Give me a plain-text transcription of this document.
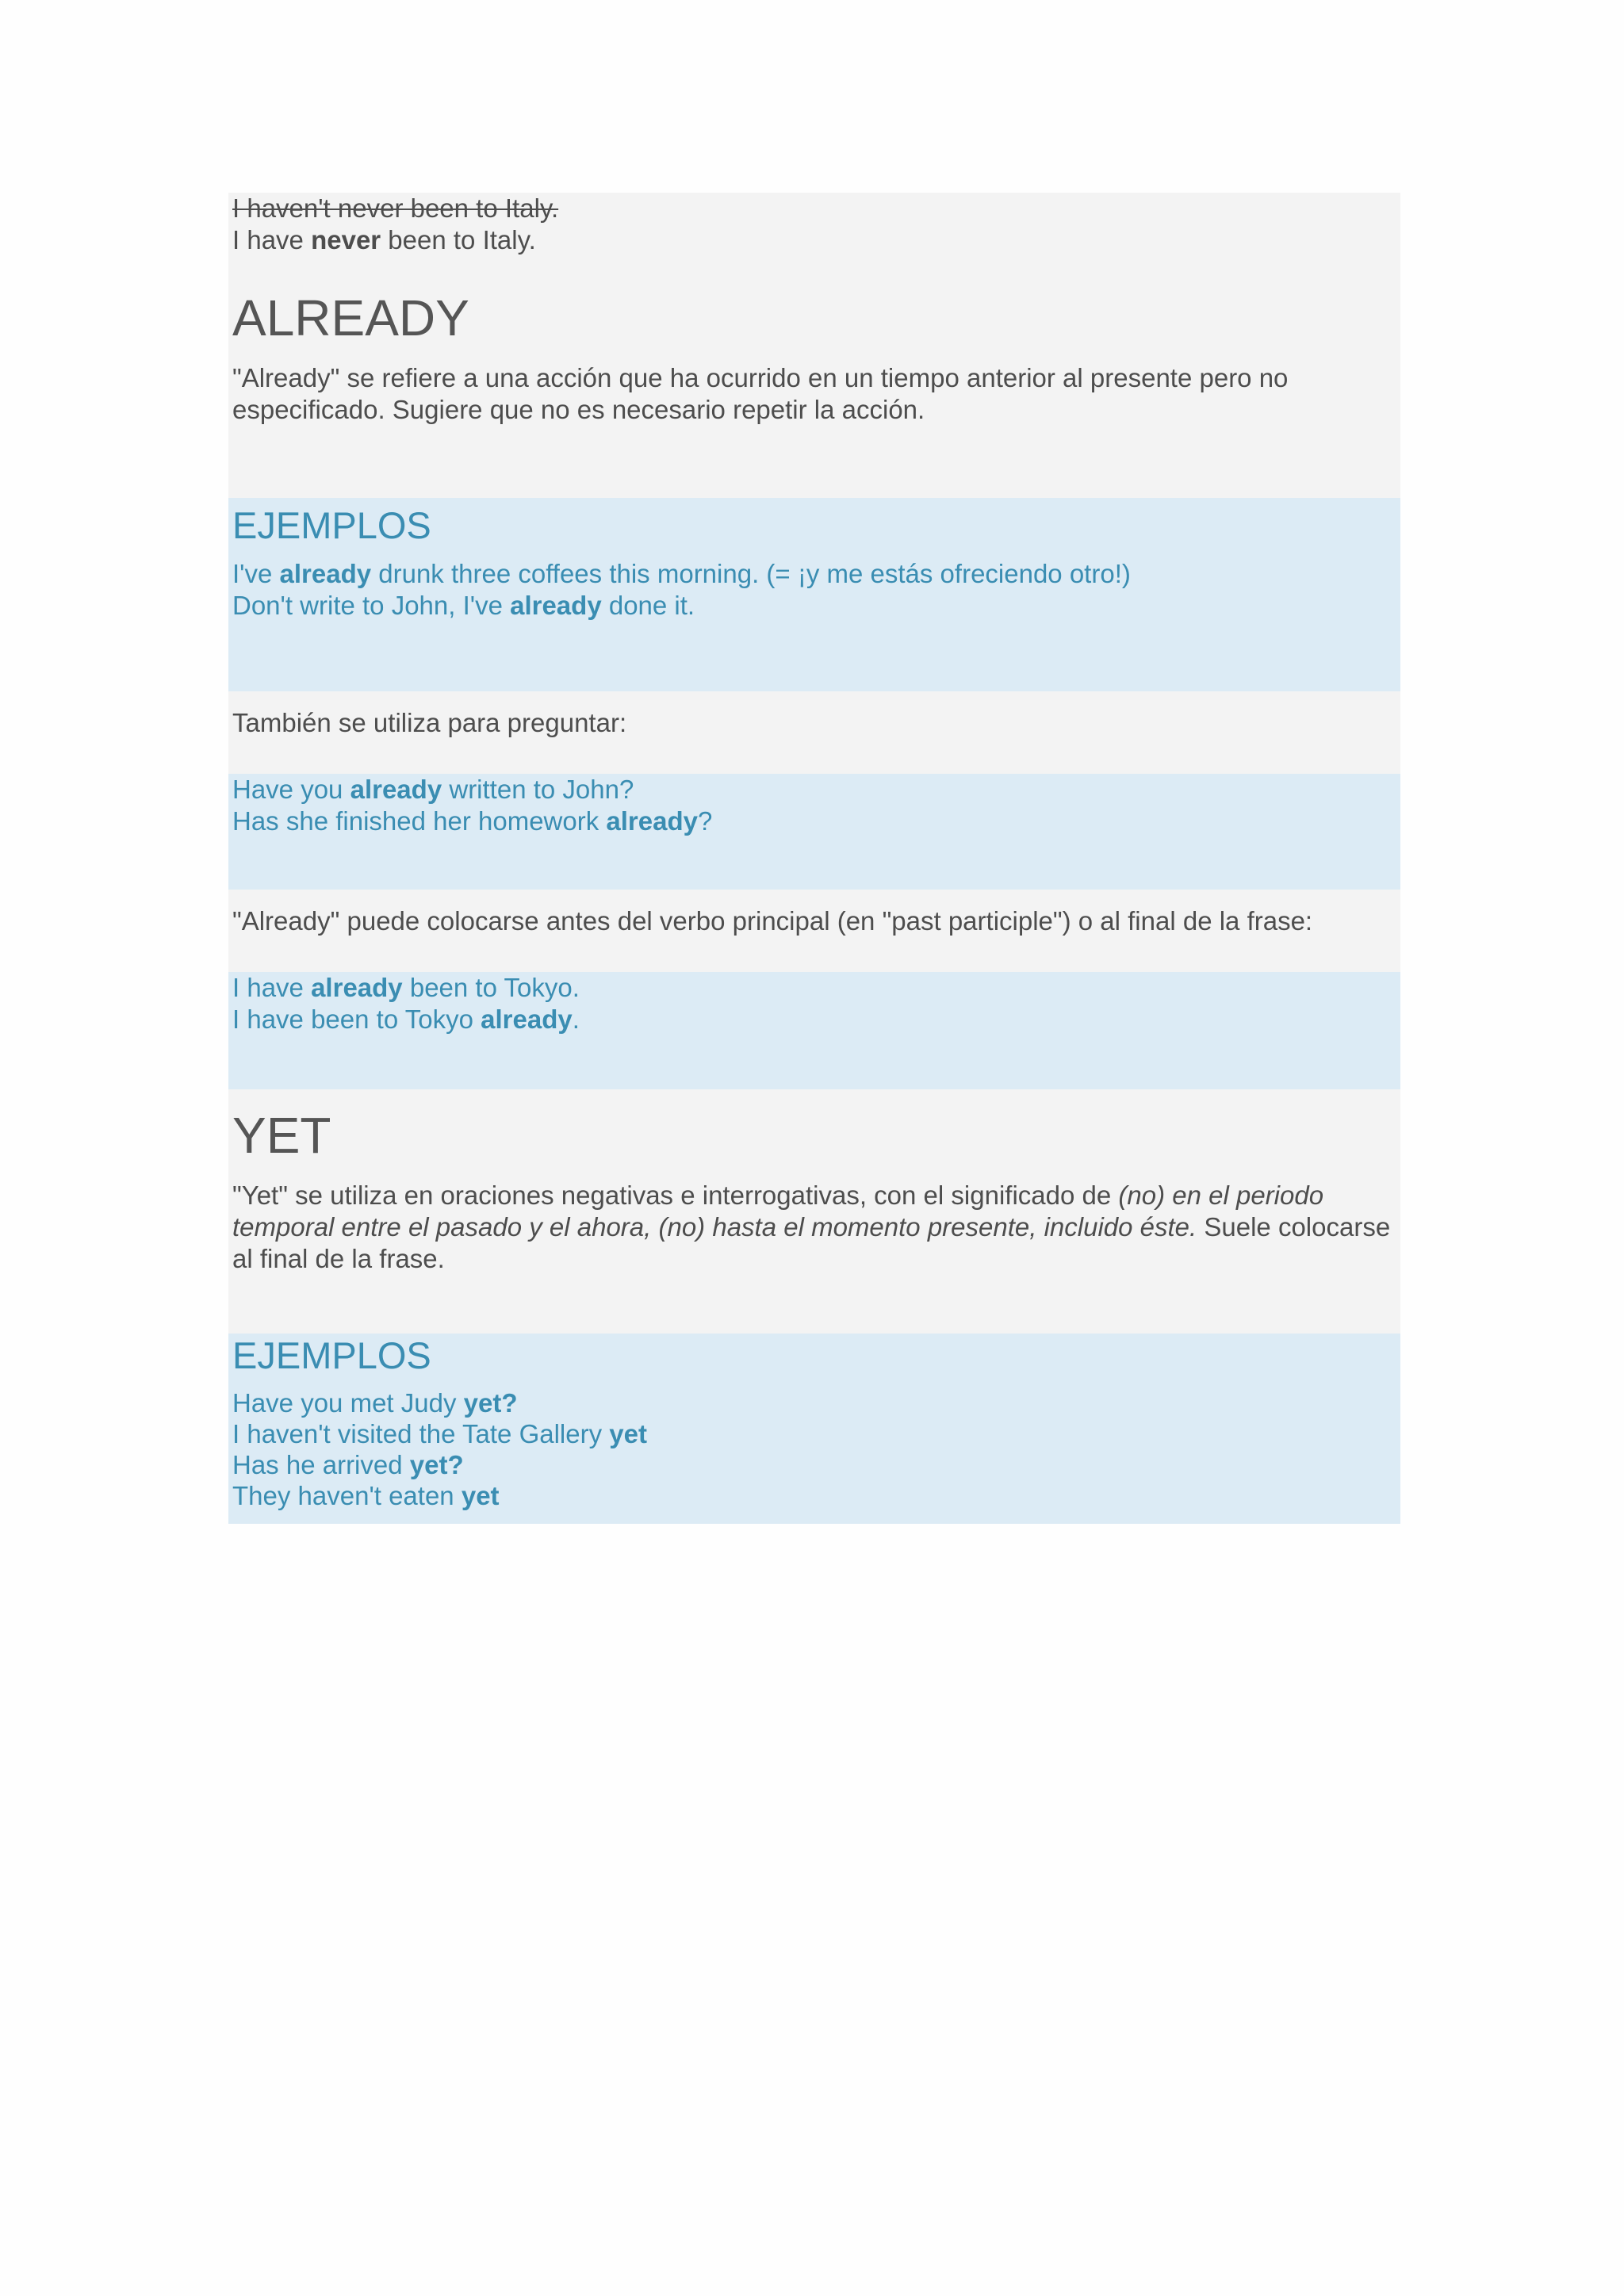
I haven't never been to Italy.
I have never been to Italy.
ALREADY
"Already" se refiere a una acción que ha ocurrido en un tiempo anterior al presente pero no especificado. Sugiere que no es necesario repetir la acción.
EJEMPLOS
I've already drunk three coffees this morning. (= ¡y me estás ofreciendo otro!)
Don't write to John, I've already done it.
También se utiliza para preguntar:
Have you already written to John?
Has she finished her homework already?
"Already" puede colocarse antes del verbo principal (en "past participle") o al final de la frase:
I have already been to Tokyo.
I have been to Tokyo already.
YET
"Yet" se utiliza en oraciones negativas e interrogativas, con el significado de (no) en el periodo temporal entre el pasado y el ahora, (no) hasta el momento presente, incluido éste. Suele colocarse al final de la frase.
EJEMPLOS
Have you met Judy yet?
I haven't visited the Tate Gallery yet
Has he arrived yet?
They haven't eaten yet
